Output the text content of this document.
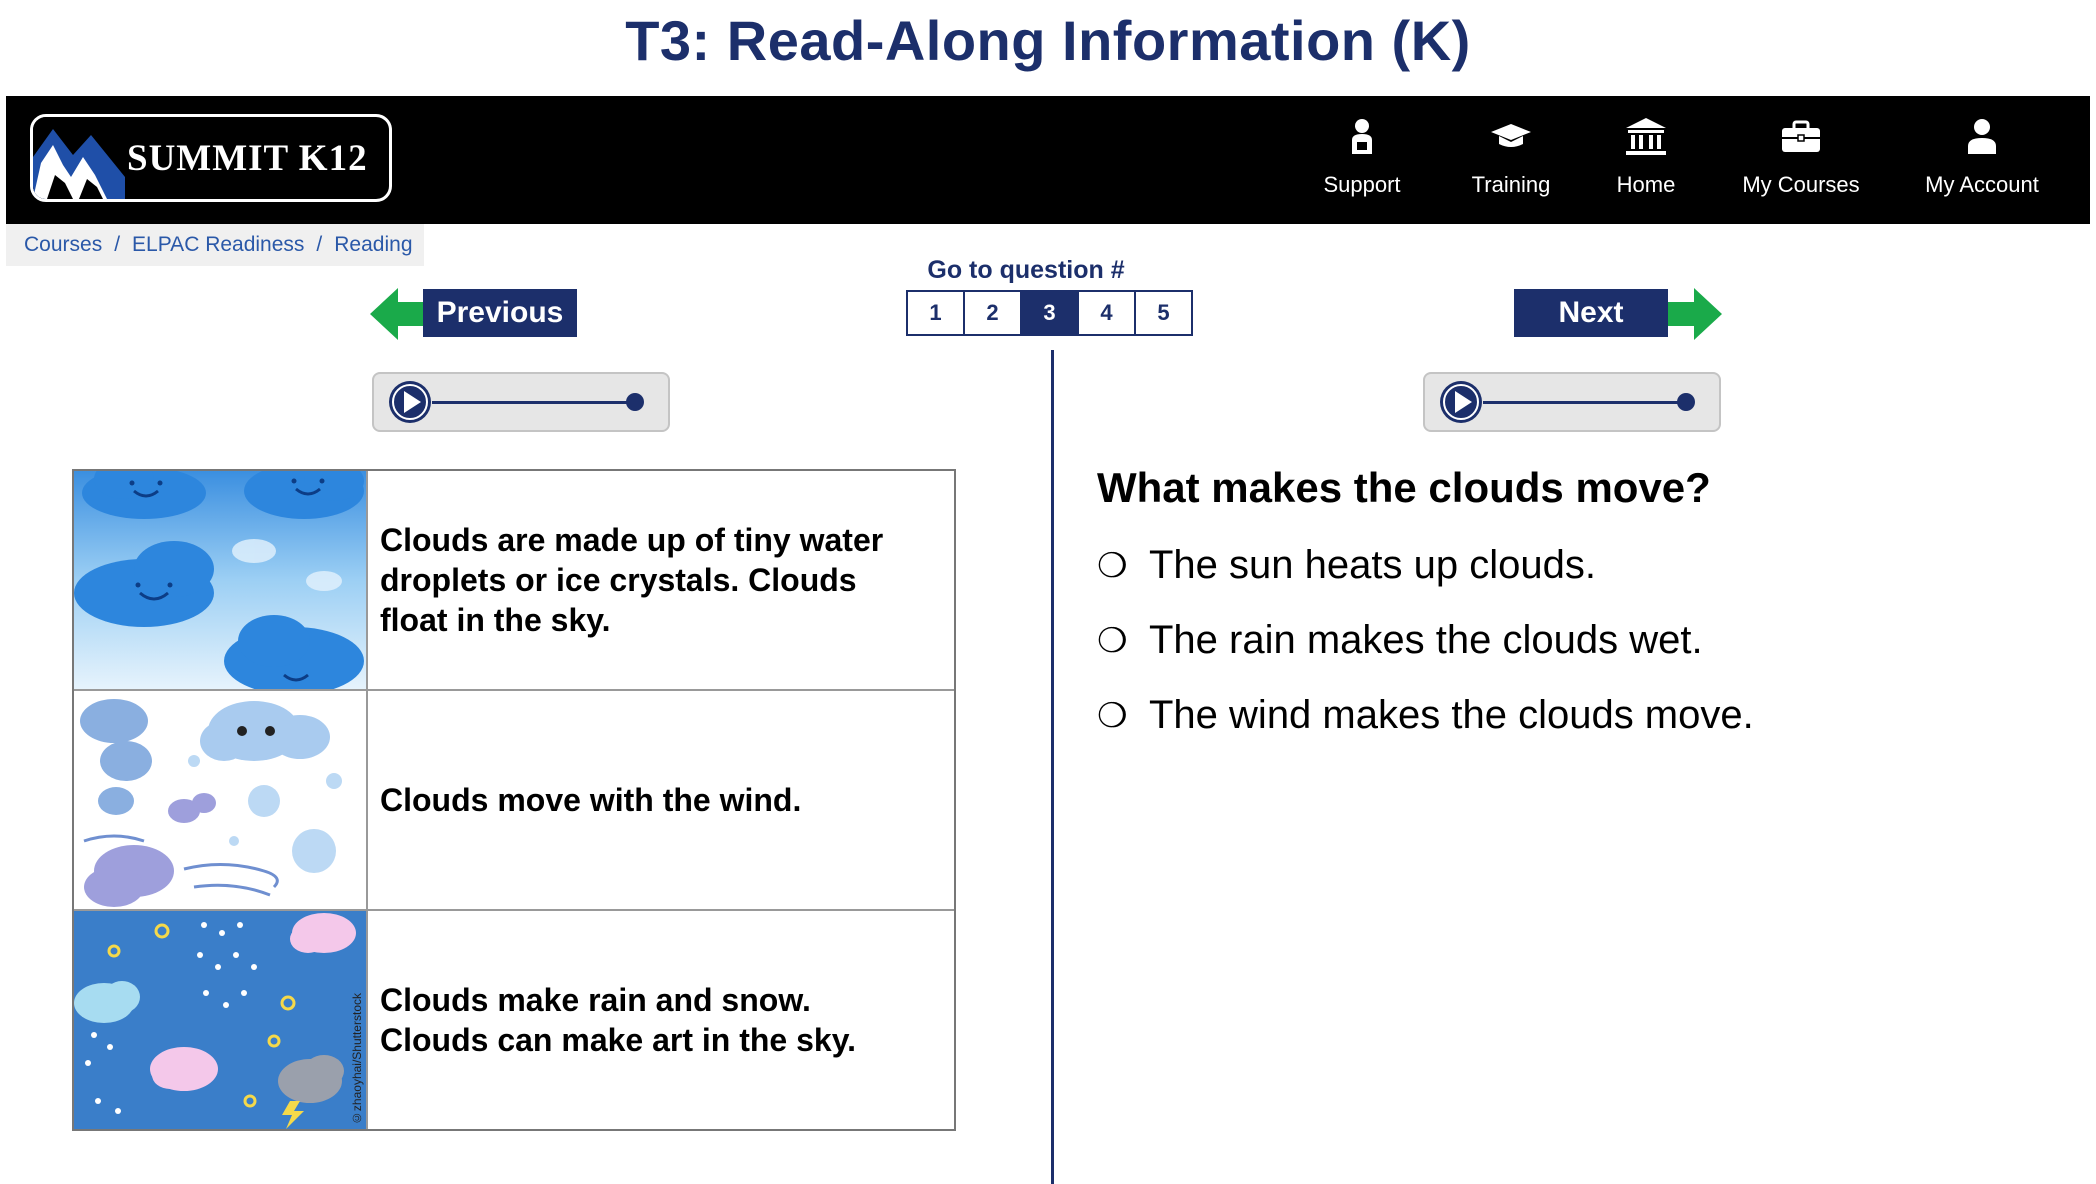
T3: Read-Along Information (K)
SUMMIT K12
Support	Training	Home	My Courses	My Account
Courses / ELPAC Readiness / Reading
Go to question #
1	2	3	4	5
Previous	Next
Clouds are made up of tiny water droplets or ice crystals. Clouds float in the sky.
Clouds move with the wind.
©zhaoyhai/Shutterstock Clouds make rain and snow. Clouds can make art in the sky.
What makes the clouds move?
❍ The sun heats up clouds.
❍ The rain makes the clouds wet.
❍ The wind makes the clouds move.
